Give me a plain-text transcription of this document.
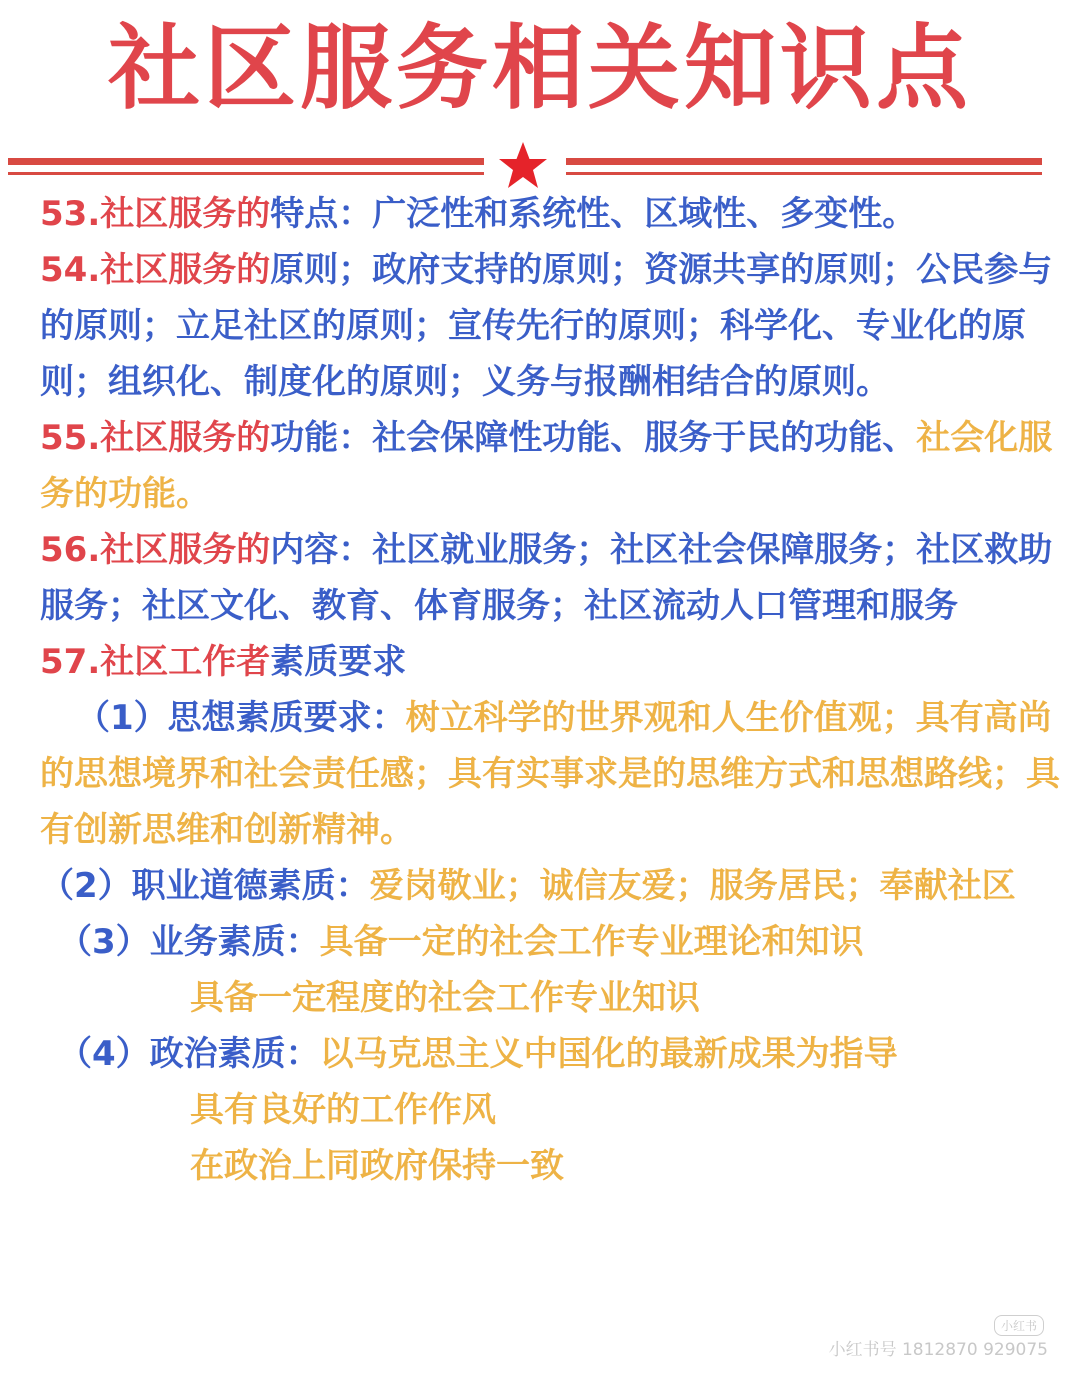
社区服务相关知识点
53.社区服务的特点：广泛性和系统性、区域性、多变性。
54.社区服务的原则；政府支持的原则；资源共享的原则；公民参与的原则；立足社区的原则；宣传先行的原则；科学化、专业化的原则；组织化、制度化的原则；义务与报酬相结合的原则。
55.社区服务的功能：社会保障性功能、服务于民的功能、社会化服务的功能。
56.社区服务的内容：社区就业服务；社区社会保障服务；社区救助服务；社区文化、教育、体育服务；社区流动人口管理和服务
57.社区工作者素质要求
（1）思想素质要求：树立科学的世界观和人生价值观；具有高尚的思想境界和社会责任感；具有实事求是的思维方式和思想路线；具有创新思维和创新精神。
（2）职业道德素质：爱岗敬业；诚信友爱；服务居民；奉献社区
（3）业务素质：具备一定的社会工作专业理论和知识
具备一定程度的社会工作专业知识
（4）政治素质：以马克思主义中国化的最新成果为指导
具有良好的工作作风
在政治上同政府保持一致
小红书
小红书号 1812870 929075
